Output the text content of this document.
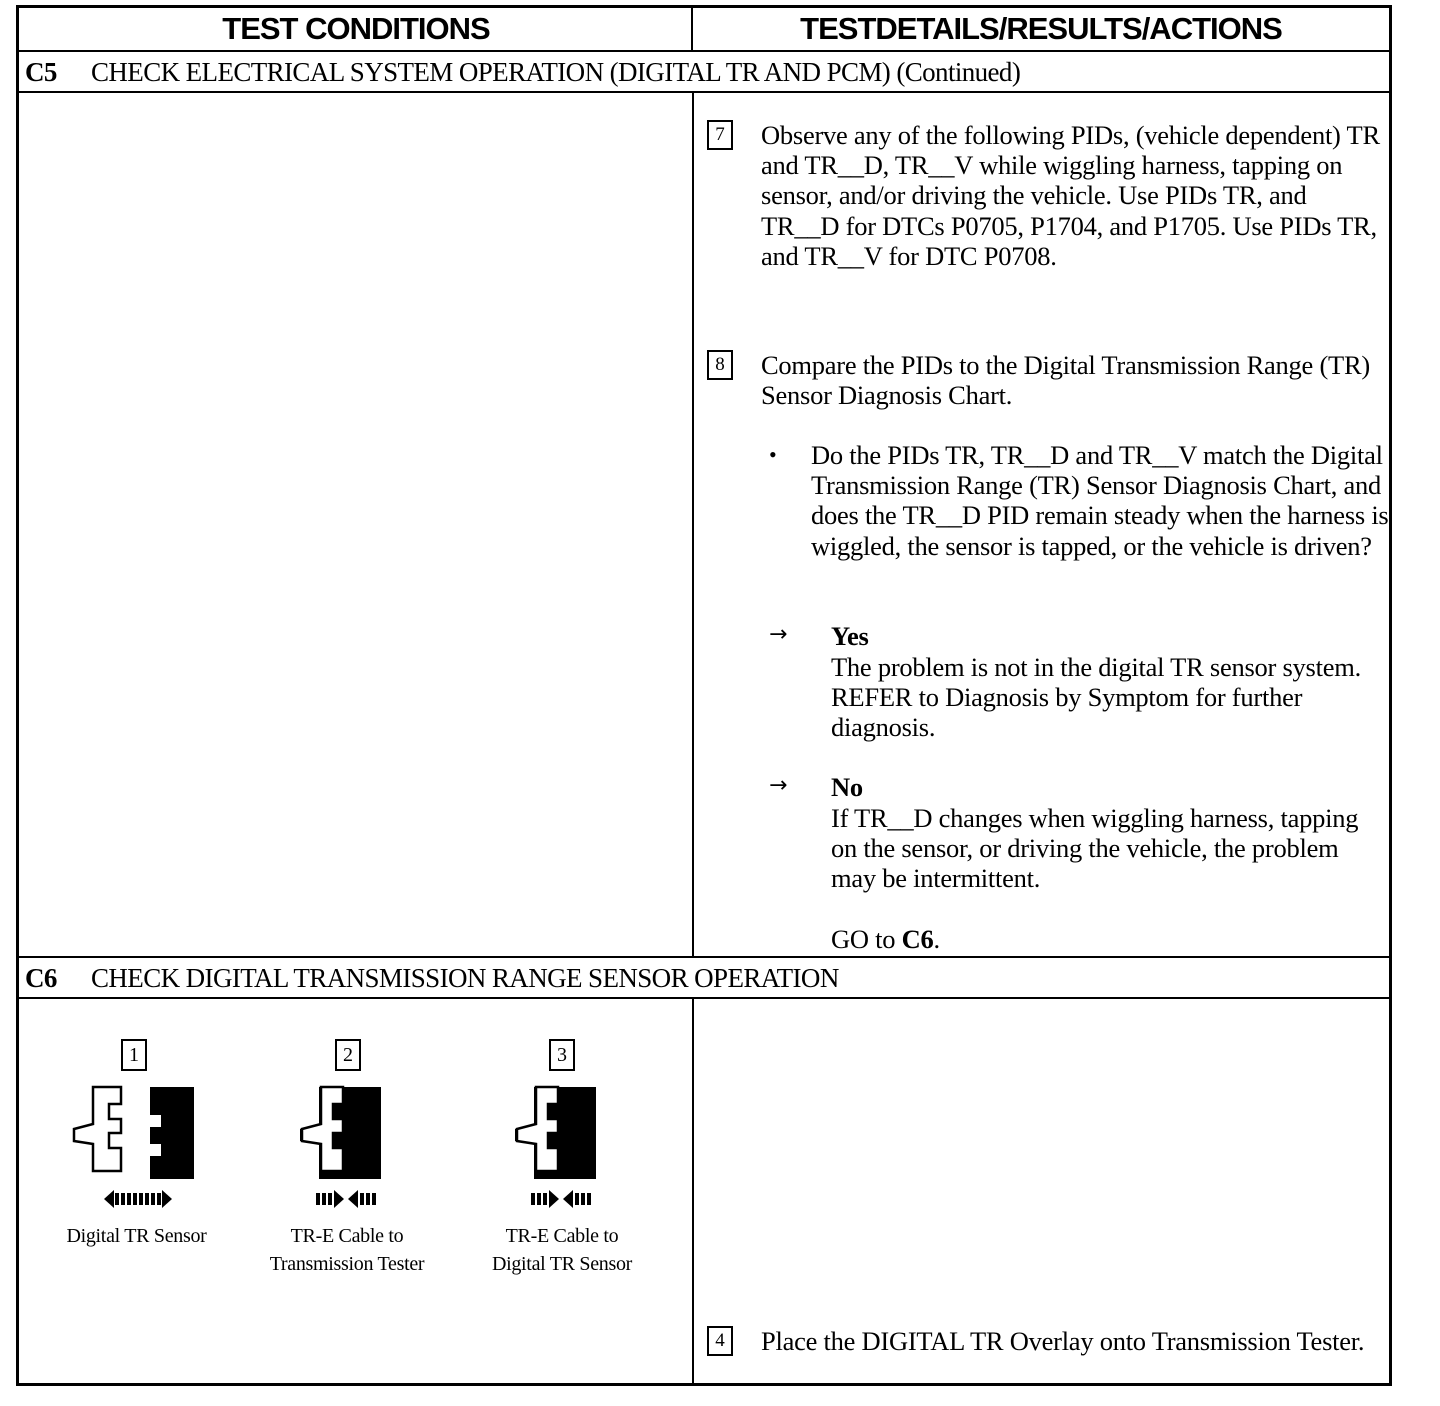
TEST CONDITIONS	TESTDETAILS/RESULTS/ACTIONS
C5 CHECK ELECTRICAL SYSTEM OPERATION (DIGITAL TR AND PCM) (Continued)
7	Observe any of the following PIDs, (vehicle dependent) TR and TR__D, TR__V while wiggling harness, tapping on sensor, and/or driving the vehicle. Use PIDs TR, and TR__D for DTCs P0705, P1704, and P1705. Use PIDs TR, and TR__V for DTC P0708.
8	Compare the PIDs to the Digital Transmission Range (TR) Sensor Diagnosis Chart.
• Do the PIDs TR, TR__D and TR__V match the Digital Transmission Range (TR) Sensor Diagnosis Chart, and does the TR__D PID remain steady when the harness is wiggled, the sensor is tapped, or the vehicle is driven?
→ Yes
The problem is not in the digital TR sensor system. REFER to Diagnosis by Symptom for further diagnosis.
→ No
If TR__D changes when wiggling harness, tapping on the sensor, or driving the vehicle, the problem may be intermittent.
GO to C6.
C6 CHECK DIGITAL TRANSMISSION RANGE SENSOR OPERATION
1
Digital TR Sensor
2
TR-E Cable to
Transmission Tester
3
TR-E Cable to
Digital TR Sensor
4	Place the DIGITAL TR Overlay onto Transmission Tester.
